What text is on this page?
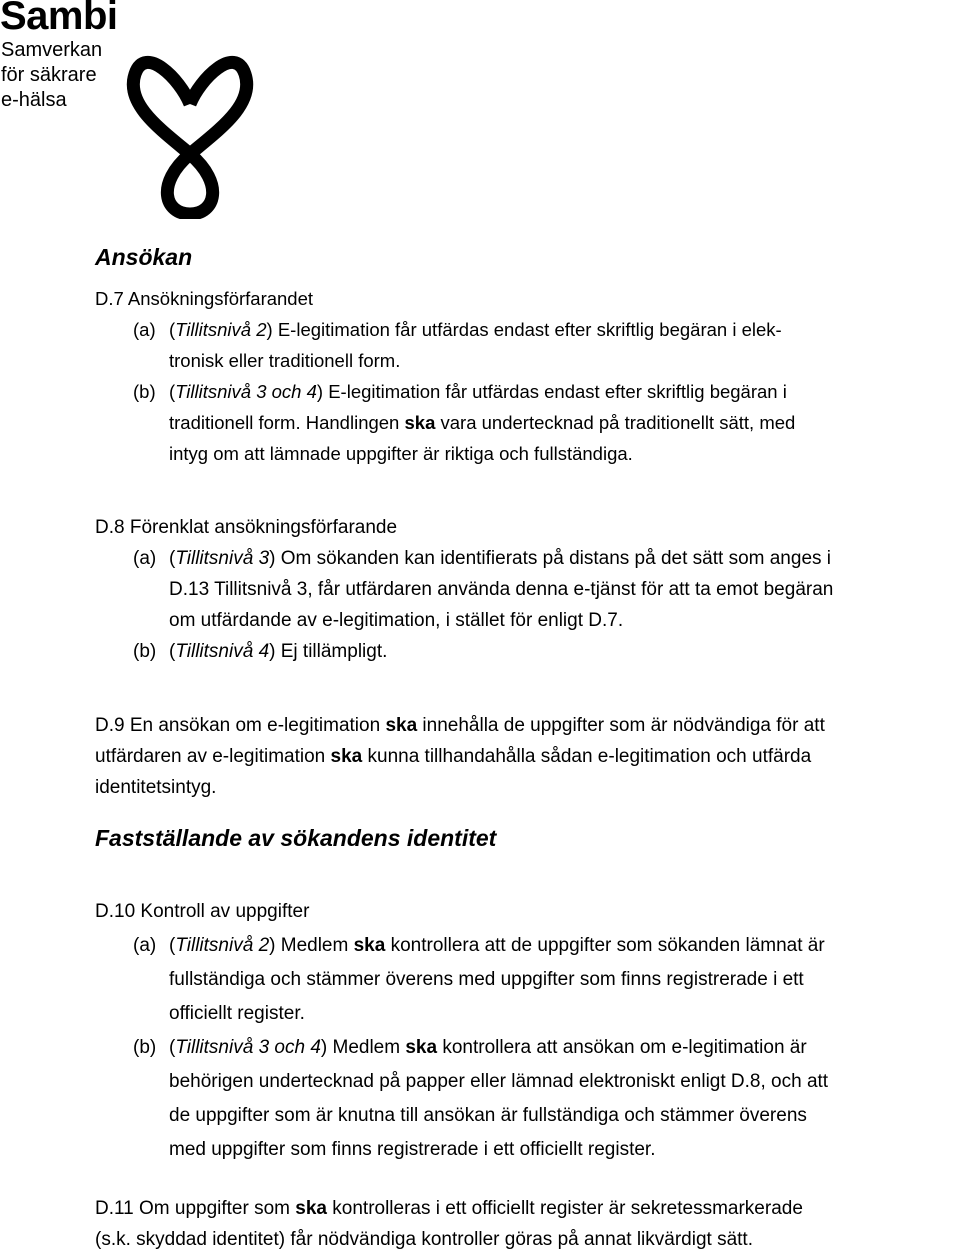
Sambi
Samverkan
för säkrare
e-hälsa
Ansökan
D.7 Ansökningsförfarandet
(a) (Tillitsnivå 2) E-legitimation får utfärdas endast efter skriftlig begäran i elek-
tronisk eller traditionell form.
(b) (Tillitsnivå 3 och 4) E-legitimation får utfärdas endast efter skriftlig begäran i
traditionell form. Handlingen ska vara undertecknad på traditionellt sätt, med
intyg om att lämnade uppgifter är riktiga och fullständiga.
D.8 Förenklat ansökningsförfarande
(a) (Tillitsnivå 3) Om sökanden kan identifierats på distans på det sätt som anges i
D.13 Tillitsnivå 3, får utfärdaren använda denna e-tjänst för att ta emot begäran
om utfärdande av e-legitimation, i stället för enligt D.7.
(b) (Tillitsnivå 4) Ej tillämpligt.
D.9 En ansökan om e-legitimation ska innehålla de uppgifter som är nödvändiga för att
utfärdaren av e-legitimation ska kunna tillhandahålla sådan e-legitimation och utfärda
identitetsintyg.
Fastställande av sökandens identitet
D.10 Kontroll av uppgifter
(a) (Tillitsnivå 2) Medlem ska kontrollera att de uppgifter som sökanden lämnat är
fullständiga och stämmer överens med uppgifter som finns registrerade i ett
officiellt register.
(b) (Tillitsnivå 3 och 4) Medlem ska kontrollera att ansökan om e-legitimation är
behörigen undertecknad på papper eller lämnad elektroniskt enligt D.8, och att
de uppgifter som är knutna till ansökan är fullständiga och stämmer överens
med uppgifter som finns registrerade i ett officiellt register.
D.11 Om uppgifter som ska kontrolleras i ett officiellt register är sekretessmarkerade
(s.k. skyddad identitet) får nödvändiga kontroller göras på annat likvärdigt sätt.
